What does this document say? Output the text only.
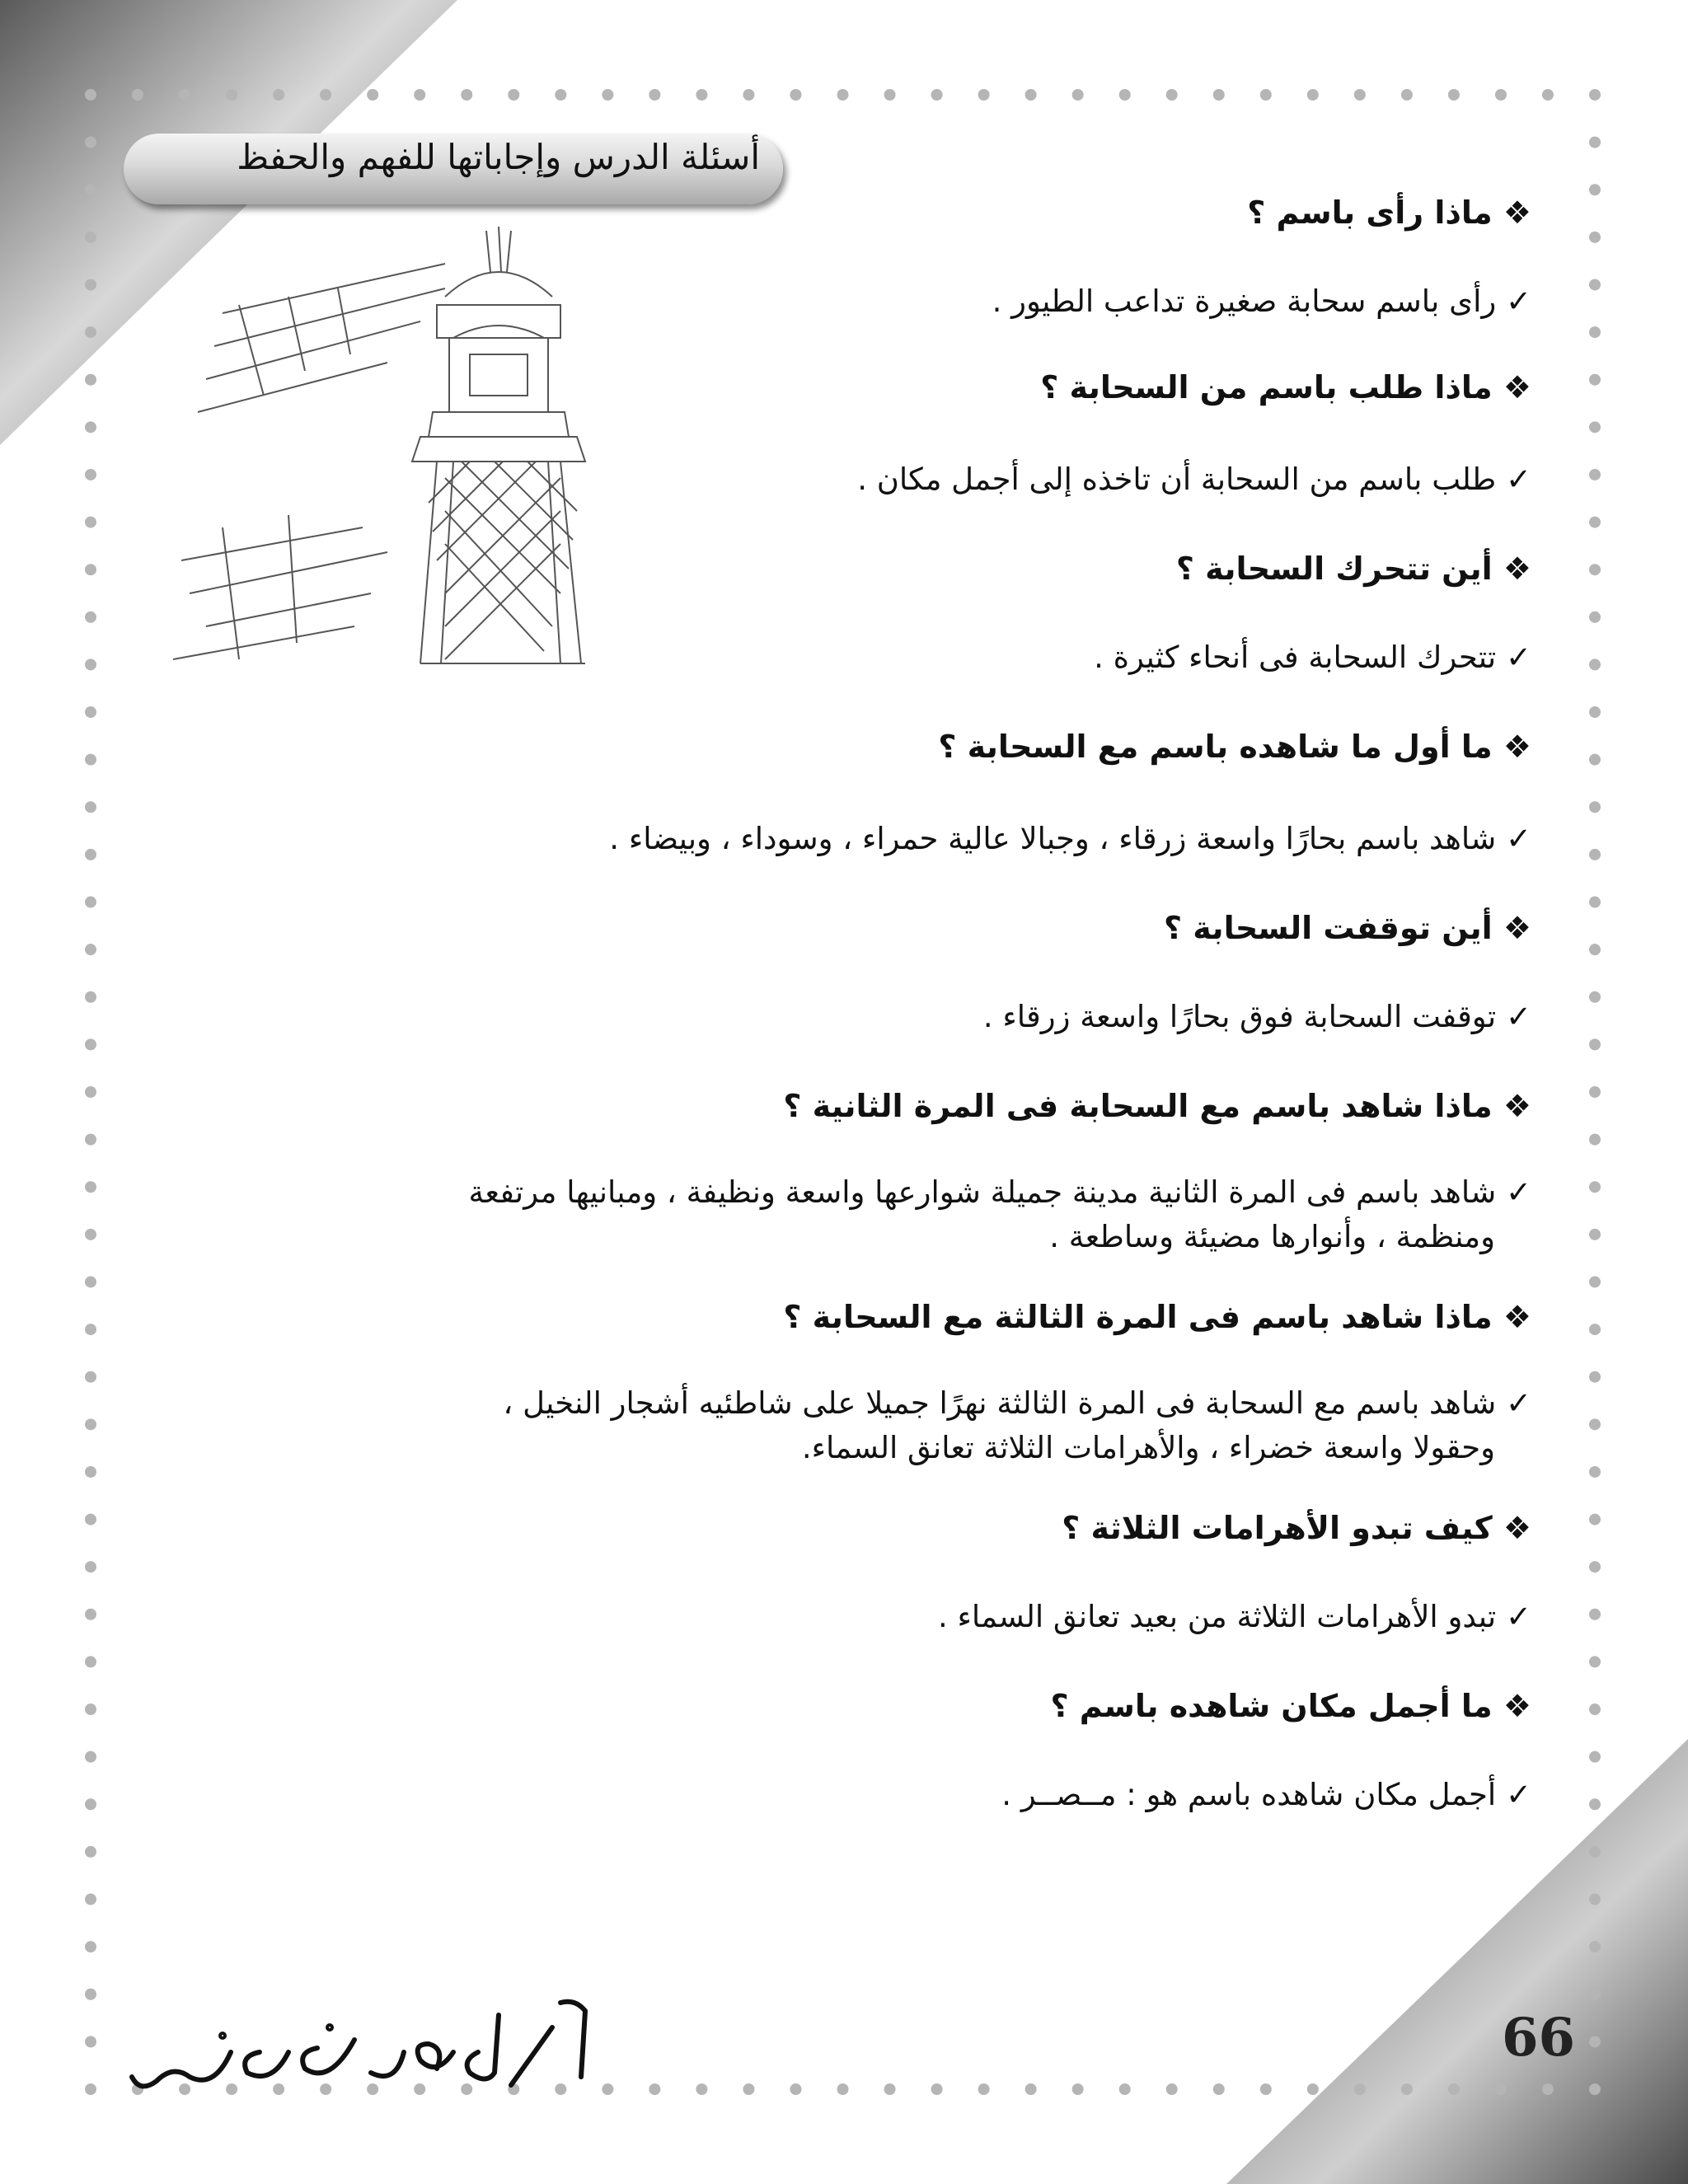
أسئلة الدرس وإجاباتها للفهم والحفظ
❖ ماذا رأى باسم ؟
✓ رأى باسم سحابة صغيرة تداعب الطيور .
❖ ماذا طلب باسم من السحابة ؟
✓ طلب باسم من السحابة أن تاخذه إلى أجمل مكان .
❖ أين تتحرك السحابة ؟
✓ تتحرك السحابة فى أنحاء كثيرة .
❖ ما أول ما شاهده باسم مع السحابة ؟
✓ شاهد باسم بحارًا واسعة زرقاء ، وجبالا عالية حمراء ، وسوداء ، وبيضاء .
❖ أين توقفت السحابة ؟
✓ توقفت السحابة فوق بحارًا واسعة زرقاء .
❖ ماذا شاهد باسم مع السحابة فى المرة الثانية ؟
✓ شاهد باسم فى المرة الثانية مدينة جميلة شوارعها واسعة ونظيفة ، ومبانيها مرتفعة
ومنظمة ، وأنوارها مضيئة وساطعة .
❖ ماذا شاهد باسم فى المرة الثالثة مع السحابة ؟
✓ شاهد باسم مع السحابة فى المرة الثالثة نهرًا جميلا على شاطئيه أشجار النخيل ،
وحقولا واسعة خضراء ، والأهرامات الثلاثة تعانق السماء.
❖ كيف تبدو الأهرامات الثلاثة ؟
✓ تبدو الأهرامات الثلاثة من بعيد تعانق السماء .
❖ ما أجمل مكان شاهده باسم ؟
✓ أجمل مكان شاهده باسم هو : مــصــر .
66
